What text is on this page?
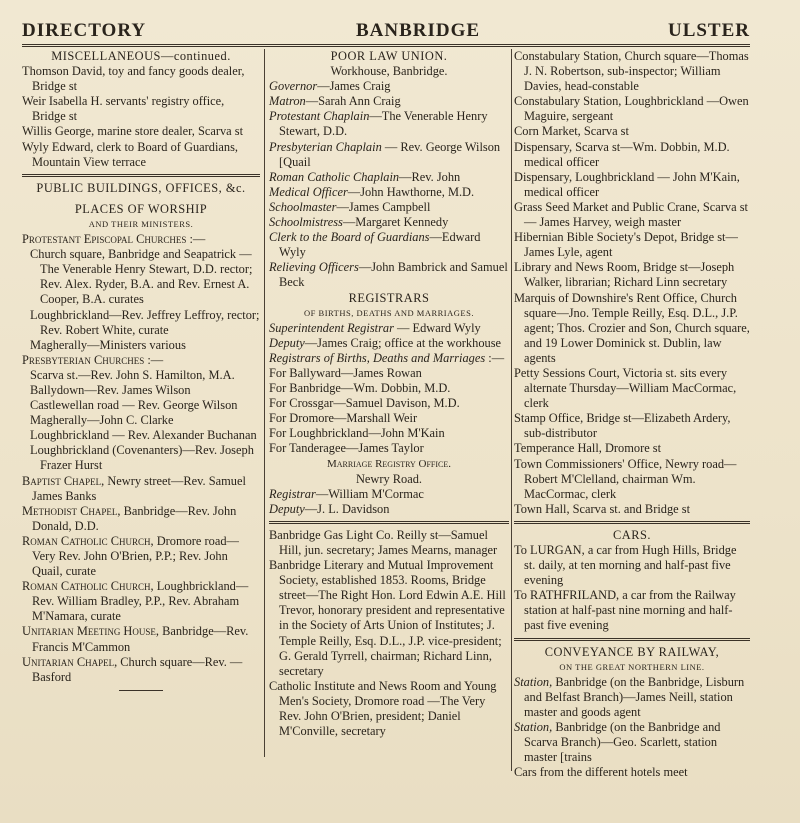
DIRECTORY	BANBRIDGE	ULSTER
MISCELLANEOUS—continued.
Thomson David, toy and fancy goods dealer, Bridge st
Weir Isabella H. servants' registry office, Bridge st
Willis George, marine store dealer, Scarva st
Wyly Edward, clerk to Board of Guardians, Mountain View terrace
PUBLIC BUILDINGS, OFFICES, &c.
PLACES OF WORSHIP
AND THEIR MINISTERS.
Protestant Episcopal Churches :—
Church square, Banbridge and Seapatrick — The Venerable Henry Stewart, D.D. rector; Rev. Alex. Ryder, B.A. and Rev. Ernest A. Cooper, B.A. curates
Loughbrickland—Rev. Jeffrey Leffroy, rector; Rev. Robert White, curate
Magherally—Ministers various
Presbyterian Churches :—
Scarva st.—Rev. John S. Hamilton, M.A.
Ballydown—Rev. James Wilson
Castlewellan road — Rev. George Wilson
Magherally—John C. Clarke
Loughbrickland — Rev. Alexander Buchanan
Loughbrickland (Covenanters)—Rev. Joseph Frazer Hurst
Baptist Chapel, Newry street—Rev. Samuel James Banks
Methodist Chapel, Banbridge—Rev. John Donald, D.D.
Roman Catholic Church, Dromore road—Very Rev. John O'Brien, P.P.; Rev. John Quail, curate
Roman Catholic Church, Loughbrickland—Rev. William Bradley, P.P., Rev. Abraham M'Namara, curate
Unitarian Meeting House, Banbridge—Rev. Francis M'Cammon
Unitarian Chapel, Church square—Rev. — Basford
POOR LAW UNION.
Workhouse, Banbridge.
Governor—James Craig
Matron—Sarah Ann Craig
Protestant Chaplain—The Venerable Henry Stewart, D.D.
Presbyterian Chaplain — Rev. George Wilson [Quail
Roman Catholic Chaplain—Rev. John
Medical Officer—John Hawthorne, M.D.
Schoolmaster—James Campbell
Schoolmistress—Margaret Kennedy
Clerk to the Board of Guardians—Edward Wyly
Relieving Officers—John Bambrick and Samuel Beck
REGISTRARS
OF BIRTHS, DEATHS AND MARRIAGES.
Superintendent Registrar — Edward Wyly
Deputy—James Craig; office at the workhouse
Registrars of Births, Deaths and Marriages :—
For Ballyward—James Rowan
For Banbridge—Wm. Dobbin, M.D.
For Crossgar—Samuel Davison, M.D.
For Dromore—Marshall Weir
For Loughbrickland—John M'Kain
For Tanderagee—James Taylor
Marriage Registry Office.
Newry Road.
Registrar—William M'Cormac
Deputy—J. L. Davidson
Banbridge Gas Light Co. Reilly st—Samuel Hill, jun. secretary; James Mearns, manager
Banbridge Literary and Mutual Improvement Society, established 1853. Rooms, Bridge street—The Right Hon. Lord Edwin A.E. Hill Trevor, honorary president and representative in the Society of Arts Union of Institutes; J. Temple Reilly, Esq. D.L., J.P. vice-president; G. Gerald Tyrrell, chairman; Richard Linn, secretary
Catholic Institute and News Room and Young Men's Society, Dromore road —The Very Rev. John O'Brien, president; Daniel M'Conville, secretary
Constabulary Station, Church square—Thomas J. N. Robertson, sub-inspector; William Davies, head-constable
Constabulary Station, Loughbrickland —Owen Maguire, sergeant
Corn Market, Scarva st
Dispensary, Scarva st—Wm. Dobbin, M.D. medical officer
Dispensary, Loughbrickland — John M'Kain, medical officer
Grass Seed Market and Public Crane, Scarva st— James Harvey, weigh master
Hibernian Bible Society's Depot, Bridge st—James Lyle, agent
Library and News Room, Bridge st—Joseph Walker, librarian; Richard Linn secretary
Marquis of Downshire's Rent Office, Church square—Jno. Temple Reilly, Esq. D.L., J.P. agent; Thos. Crozier and Son, Church square, and 19 Lower Dominick st. Dublin, law agents
Petty Sessions Court, Victoria st. sits every alternate Thursday—William MacCormac, clerk
Stamp Office, Bridge st—Elizabeth Ardery, sub-distributor
Temperance Hall, Dromore st
Town Commissioners' Office, Newry road—Robert M'Clelland, chairman Wm. MacCormac, clerk
Town Hall, Scarva st. and Bridge st
CARS.
To LURGAN, a car from Hugh Hills, Bridge st. daily, at ten morning and half-past five evening
To RATHFRILAND, a car from the Railway station at half-past nine morning and half-past five evening
CONVEYANCE BY RAILWAY,
ON THE GREAT NORTHERN LINE.
Station, Banbridge (on the Banbridge, Lisburn and Belfast Branch)—James Neill, station master and goods agent
Station, Banbridge (on the Banbridge and Scarva Branch)—Geo. Scarlett, station master [trains
Cars from the different hotels meet
